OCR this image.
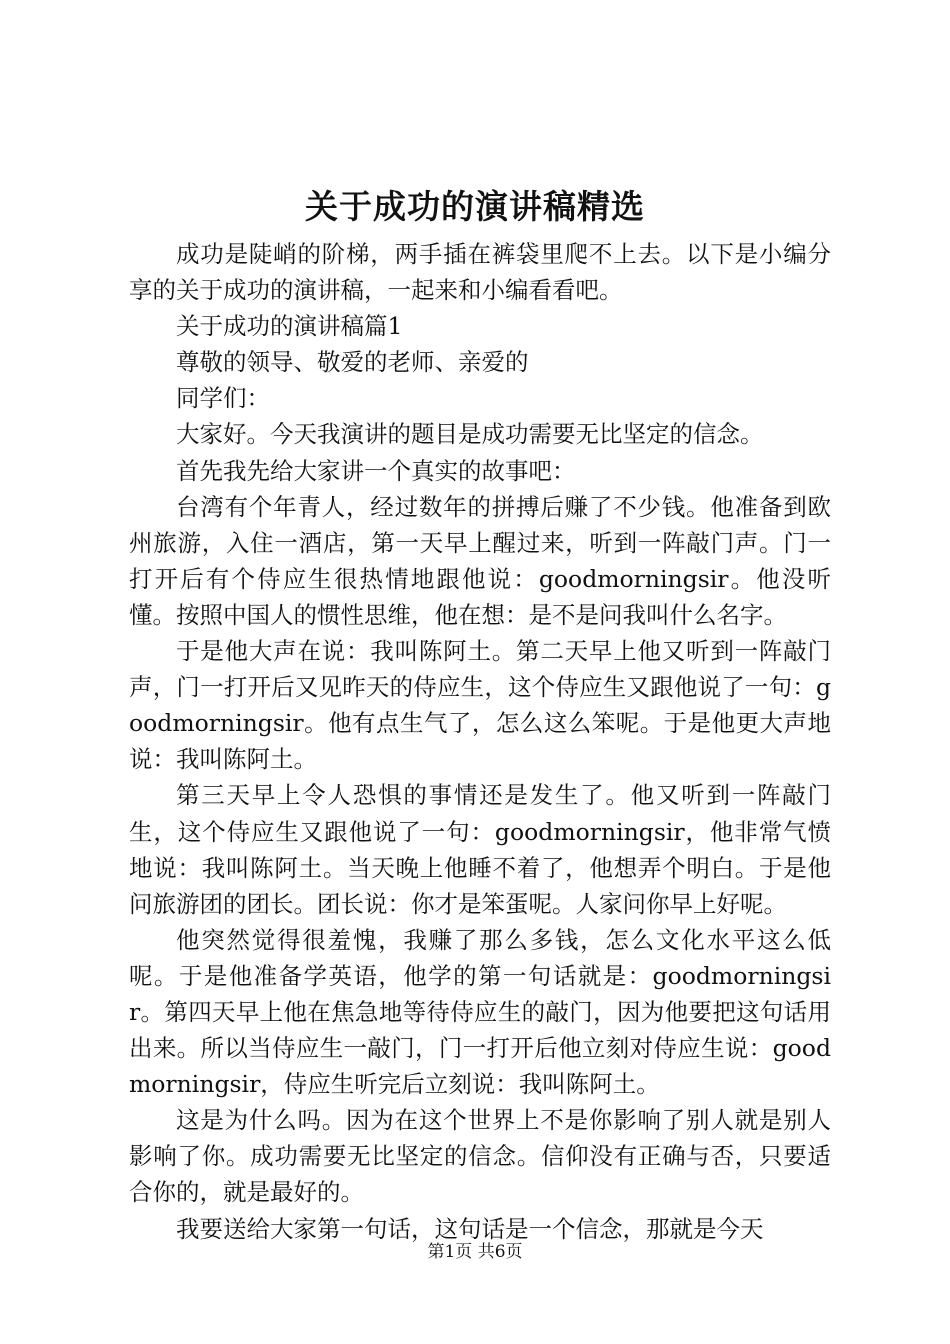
关于成功的演讲稿精选

成功是陡峭的阶梯，两手插在裤袋里爬不上去。以下是小编分享的关于成功的演讲稿，一起来和小编看看吧。

关于成功的演讲稿篇1

尊敬的领导、敬爱的老师、亲爱的

同学们：

大家好。今天我演讲的题目是成功需要无比坚定的信念。

首先我先给大家讲一个真实的故事吧：

台湾有个年青人，经过数年的拼搏后赚了不少钱。他准备到欧州旅游，入住一酒店，第一天早上醒过来，听到一阵敲门声。门一打开后有个侍应生很热情地跟他说：goodmorningsir。他没听懂。按照中国人的惯性思维，他在想：是不是问我叫什么名字。

于是他大声在说：我叫陈阿土。第二天早上他又听到一阵敲门声，门一打开后又见昨天的侍应生，这个侍应生又跟他说了一句：goodmorningsir。他有点生气了，怎么这么笨呢。于是他更大声地说：我叫陈阿土。

第三天早上令人恐惧的事情还是发生了。他又听到一阵敲门生，这个侍应生又跟他说了一句：goodmorningsir，他非常气愤地说：我叫陈阿土。当天晚上他睡不着了，他想弄个明白。于是他问旅游团的团长。团长说：你才是笨蛋呢。人家问你早上好呢。

他突然觉得很羞愧，我赚了那么多钱，怎么文化水平这么低呢。于是他准备学英语，他学的第一句话就是：goodmorningsir。第四天早上他在焦急地等待侍应生的敲门，因为他要把这句话用出来。所以当侍应生一敲门，门一打开后他立刻对侍应生说：goodmorningsir，侍应生听完后立刻说：我叫陈阿土。

这是为什么吗。因为在这个世界上不是你影响了别人就是别人影响了你。成功需要无比坚定的信念。信仰没有正确与否，只要适合你的，就是最好的。

我要送给大家第一句话，这句话是一个信念，那就是今天

第1页 共6页
